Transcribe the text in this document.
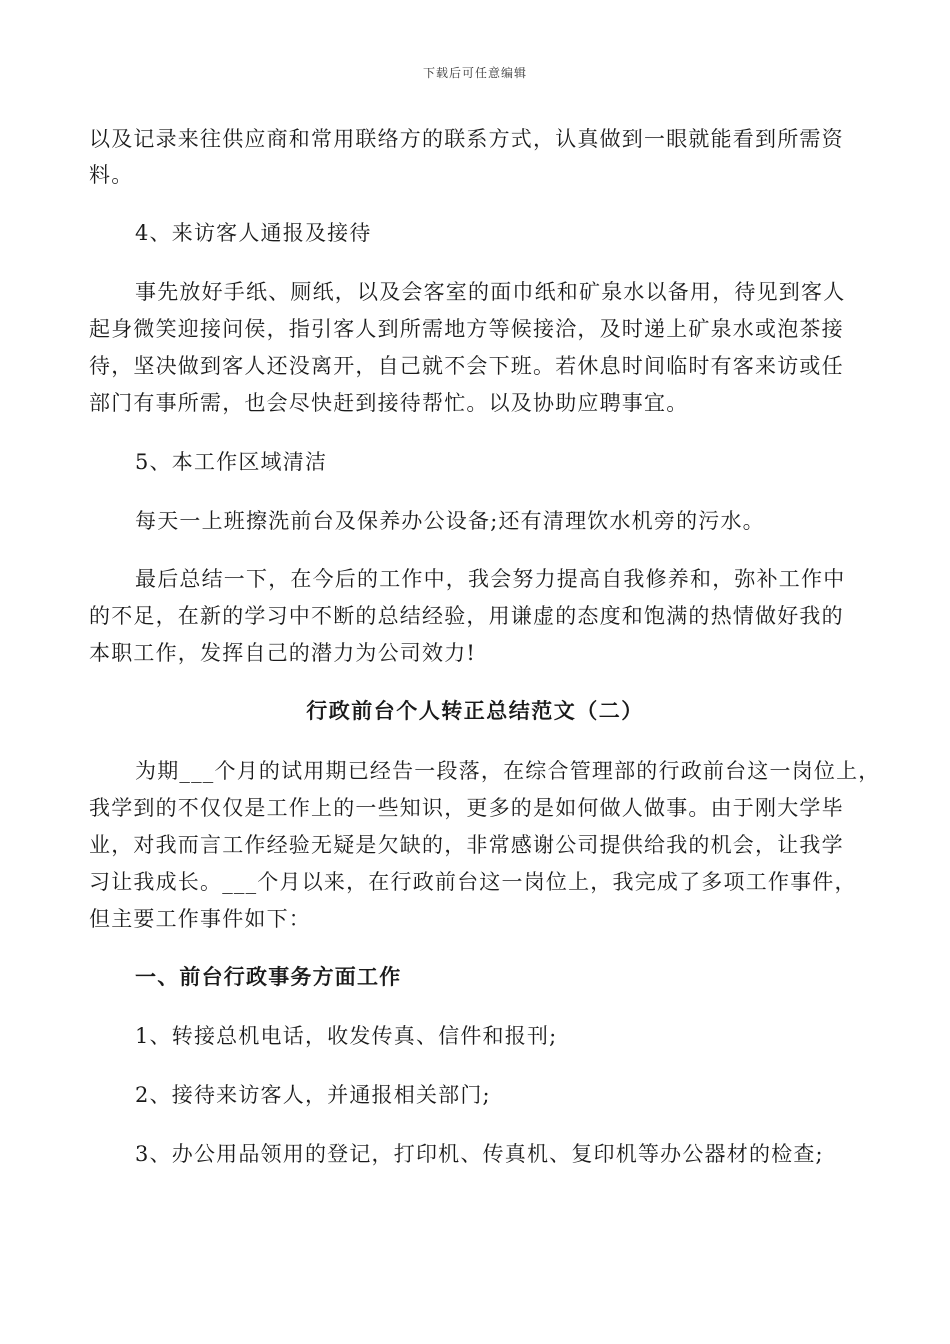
下载后可任意编辑
以及记录来往供应商和常用联络方的联系方式，认真做到一眼就能看到所需资
料。
4、来访客人通报及接待
事先放好手纸、厕纸，以及会客室的面巾纸和矿泉水以备用，待见到客人
起身微笑迎接问侯，指引客人到所需地方等候接洽，及时递上矿泉水或泡茶接
待，坚决做到客人还没离开，自己就不会下班。若休息时间临时有客来访或任
部门有事所需，也会尽快赶到接待帮忙。以及协助应聘事宜。
5、本工作区域清洁
每天一上班擦洗前台及保养办公设备;还有清理饮水机旁的污水。
最后总结一下，在今后的工作中，我会努力提高自我修养和，弥补工作中
的不足，在新的学习中不断的总结经验，用谦虚的态度和饱满的热情做好我的
本职工作，发挥自己的潜力为公司效力!
行政前台个人转正总结范文（二）
为期___个月的试用期已经告一段落，在综合管理部的行政前台这一岗位上，
我学到的不仅仅是工作上的一些知识，更多的是如何做人做事。由于刚大学毕
业，对我而言工作经验无疑是欠缺的，非常感谢公司提供给我的机会，让我学
习让我成长。___个月以来，在行政前台这一岗位上，我完成了多项工作事件，
但主要工作事件如下：
一、前台行政事务方面工作
1、转接总机电话，收发传真、信件和报刊;
2、接待来访客人，并通报相关部门;
3、办公用品领用的登记，打印机、传真机、复印机等办公器材的检查;
